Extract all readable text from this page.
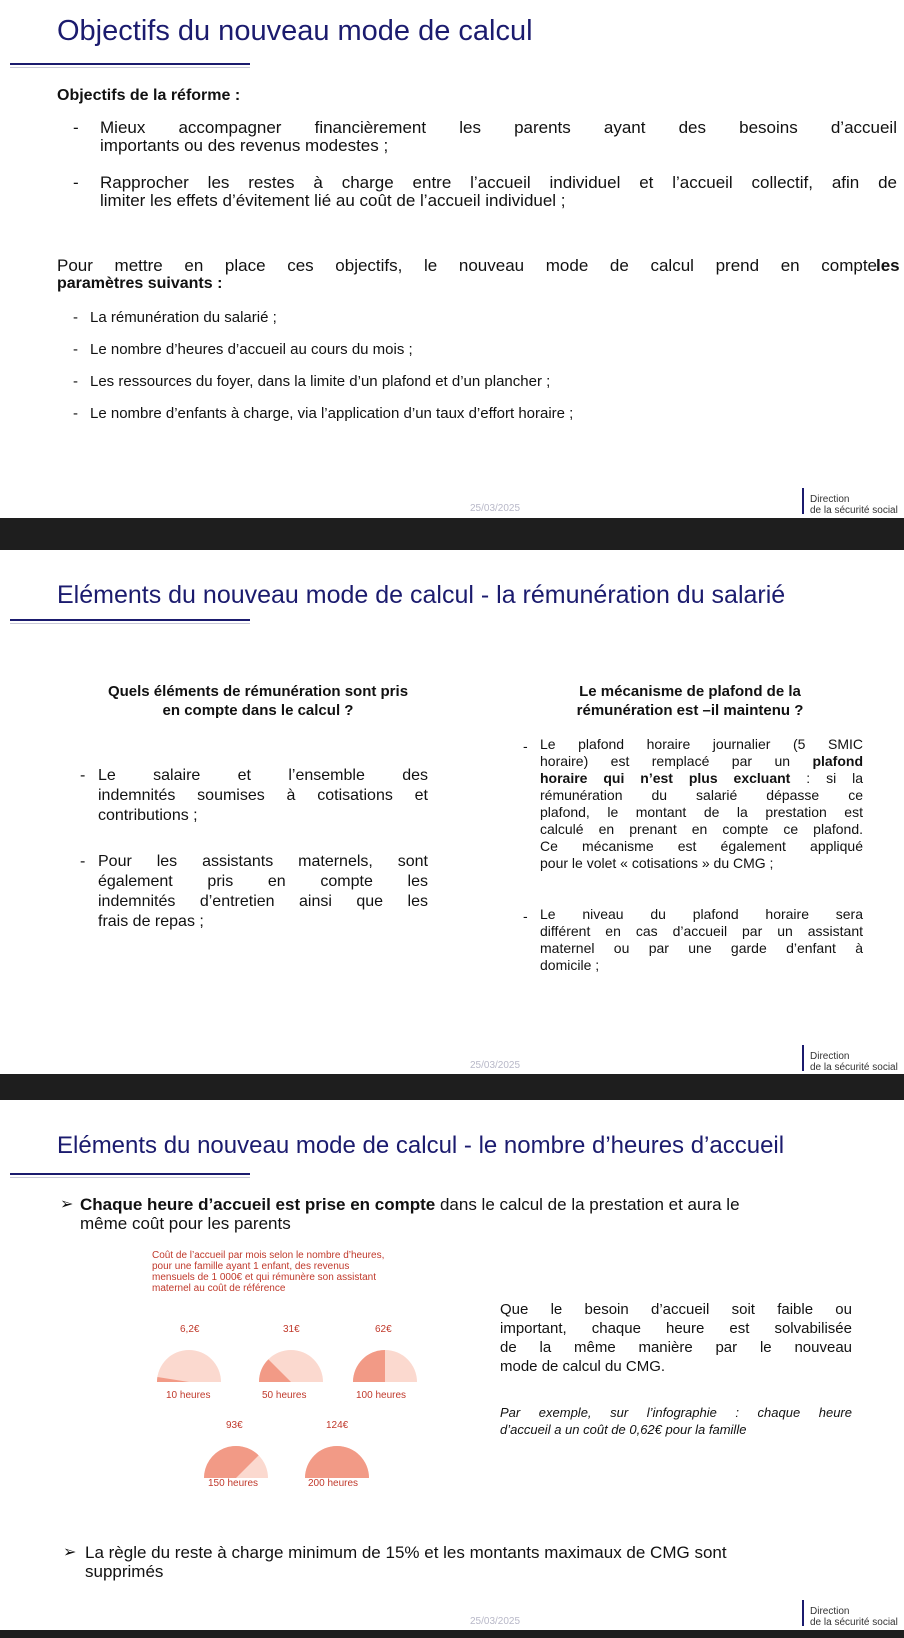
Objectifs du nouveau mode de calcul
Objectifs de la réforme :
- Mieux accompagner financièrement les parents ayant des besoins d’accueil
importants ou des revenus modestes ;
- Rapprocher les restes à charge entre l’accueil individuel et l’accueil collectif, afin de
limiter les effets d’évitement lié au coût de l’accueil individuel ;
Pour mettre en place ces objectifs, le nouveau mode de calcul prend en compte les
paramètres suivants :
- La rémunération du salarié ;
- Le nombre d’heures d’accueil au cours du mois ;
- Les ressources du foyer, dans la limite d’un plafond et d’un plancher ;
- Le nombre d’enfants à charge, via l’application d’un taux d’effort horaire ;
25/03/2025
Direction
de la sécurité social
Eléments du nouveau mode de calcul - la rémunération du salarié
Quels éléments de rémunération sont pris
en compte dans le calcul ?
- Le salaire et l’ensemble des
indemnités soumises à cotisations et
contributions ;
- Pour les assistants maternels, sont
également pris en compte les
indemnités d’entretien ainsi que les
frais de repas ;
Le mécanisme de plafond de la
rémunération est –il maintenu ?
- Le plafond horaire journalier (5 SMIC
horaire) est remplacé par un plafond
horaire qui n’est plus excluant : si la
rémunération du salarié dépasse ce
plafond, le montant de la prestation est
calculé en prenant en compte ce plafond.
Ce mécanisme est également appliqué
pour le volet « cotisations » du CMG ;
- Le niveau du plafond horaire sera
différent en cas d’accueil par un assistant
maternel ou par une garde d’enfant à
domicile ;
25/03/2025
Direction
de la sécurité social
Eléments du nouveau mode de calcul - le nombre d’heures d’accueil
➢ Chaque heure d’accueil est prise en compte dans le calcul de la prestation et aura le
même coût pour les parents
Coût de l’accueil par mois selon le nombre d’heures,
pour une famille ayant 1 enfant, des revenus
mensuels de 1 000€ et qui rémunère son assistant
maternel au coût de référence
6,2€	31€	62€
10 heures	50 heures	100 heures
93€	124€
150 heures	200 heures
Que le besoin d’accueil soit faible ou
important, chaque heure est solvabilisée
de la même manière par le nouveau
mode de calcul du CMG.
Par exemple, sur l’infographie : chaque heure
d’accueil a un coût de 0,62€ pour la famille
➢ La règle du reste à charge minimum de 15% et les montants maximaux de CMG sont
supprimés
25/03/2025
Direction
de la sécurité social
